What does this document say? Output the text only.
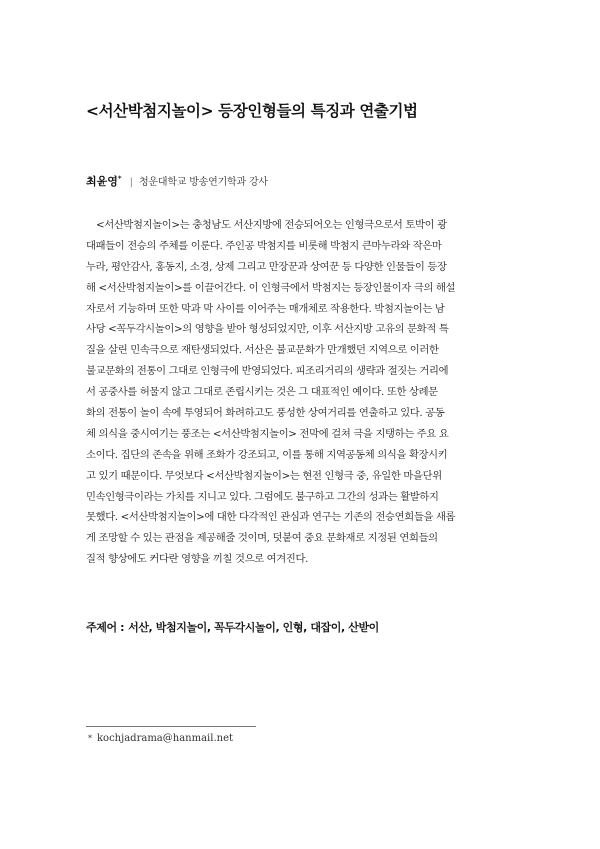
<서산박첨지놀이> 등장인형들의 특징과 연출기법
최윤영* | 청운대학교 방송연기학과 강사
　<서산박첨지놀이>는 충청남도 서산지방에 전승되어오는 인형극으로서 토박이 광
대패들이 전승의 주체를 이룬다. 주인공 박첨지를 비롯해 박첨지 큰마누라와 작은마
누라, 평안감사, 홍동지, 소경, 상제 그리고 만장꾼과 상여꾼 등 다양한 인물들이 등장
해 <서산박첨지놀이>를 이끌어간다. 이 인형극에서 박첨지는 등장인물이자 극의 해설
자로서 기능하며 또한 막과 막 사이를 이어주는 매개체로 작용한다. 박첨지놀이는 남
사당 <꼭두각시놀이>의 영향을 받아 형성되었지만, 이후 서산지방 고유의 문화적 특
질을 살린 민속극으로 재탄생되었다. 서산은 불교문화가 만개했던 지역으로 이러한
불교문화의 전통이 그대로 인형극에 반영되었다. 피조리거리의 생략과 절짓는 거리에
서 공중사를 허물지 않고 그대로 존립시키는 것은 그 대표적인 예이다. 또한 상례문
화의 전통이 놀이 속에 투영되어 화려하고도 풍성한 상여거리를 연출하고 있다. 공동
체 의식을 중시여기는 풍조는 <서산박첨지놀이> 전막에 걸쳐 극을 지탱하는 주요 요
소이다. 집단의 존속을 위해 조화가 강조되고, 이를 통해 지역공동체 의식을 확장시키
고 있기 때문이다. 무엇보다 <서산박첨지놀이>는 현전 인형극 중, 유일한 마을단위
민속인형극이라는 가치를 지니고 있다. 그럼에도 불구하고 그간의 성과는 활발하지
못했다. <서산박첨지놀이>에 대한 다각적인 관심과 연구는 기존의 전승연희들을 새롭
게 조망할 수 있는 관점을 제공해줄 것이며, 덧붙여 중요 문화재로 지정된 연희들의
질적 향상에도 커다란 영향을 끼칠 것으로 여겨진다.
주제어 : 서산, 박첨지놀이, 꼭두각시놀이, 인형, 대잡이, 산받이
* kochjadrama@hanmail.net
